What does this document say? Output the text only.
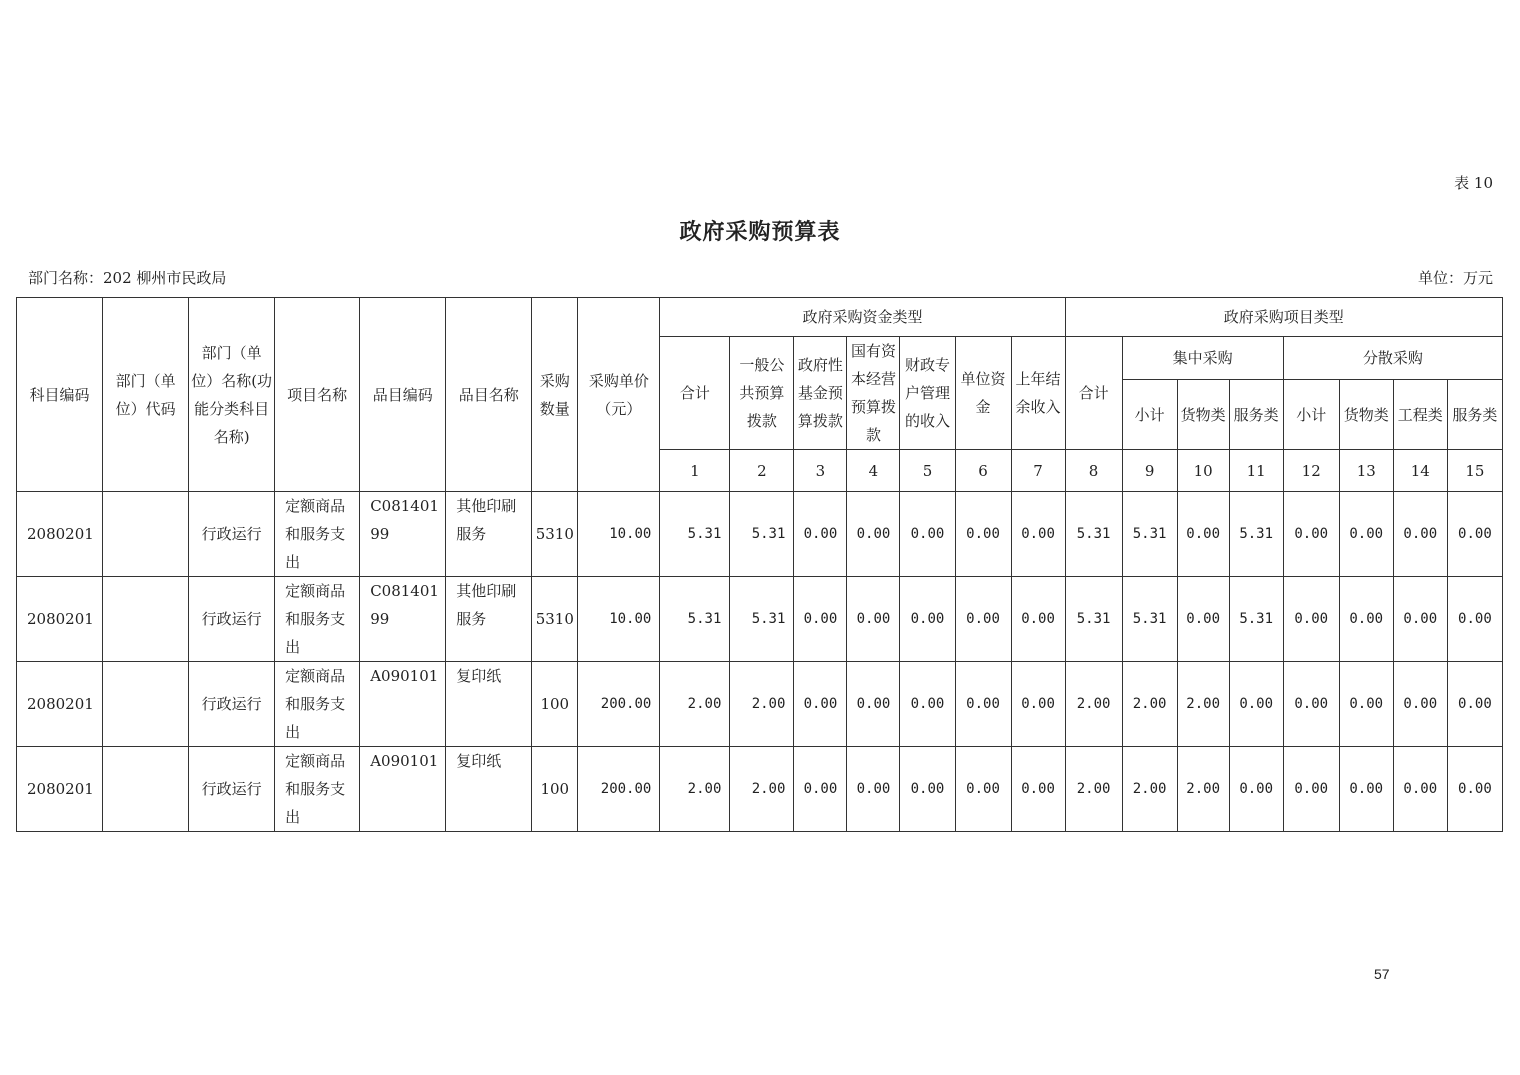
表 10
政府采购预算表
部门名称：202 柳州市民政局	单位：万元
科目编码	部门（单位）代码	部门（单位）名称(功能分类科目名称)	项目名称	品目编码	品目名称	采购数量	采购单价（元）	政府采购资金类型							政府采购项目类型							
								合计	一般公共预算拨款	政府性基金预算拨款	国有资本经营预算拨款	财政专户管理的收入	单位资金	上年结余收入	合计	集中采购			分散采购			
																小计	货物类	服务类	小计	货物类	工程类	服务类
								1	2	3	4	5	6	7	8	9	10	11	12	13	14	15
2080201		行政运行	定额商品和服务支出	C08140199	其他印刷服务	5310	10.00	5.31	5.31	0.00	0.00	0.00	0.00	0.00	5.31	5.31	0.00	5.31	0.00	0.00	0.00	0.00
2080201		行政运行	定额商品和服务支出	C08140199	其他印刷服务	5310	10.00	5.31	5.31	0.00	0.00	0.00	0.00	0.00	5.31	5.31	0.00	5.31	0.00	0.00	0.00	0.00
2080201		行政运行	定额商品和服务支出	A090101	复印纸	100	200.00	2.00	2.00	0.00	0.00	0.00	0.00	0.00	2.00	2.00	2.00	0.00	0.00	0.00	0.00	0.00
2080201		行政运行	定额商品和服务支出	A090101	复印纸	100	200.00	2.00	2.00	0.00	0.00	0.00	0.00	0.00	2.00	2.00	2.00	0.00	0.00	0.00	0.00	0.00
57
